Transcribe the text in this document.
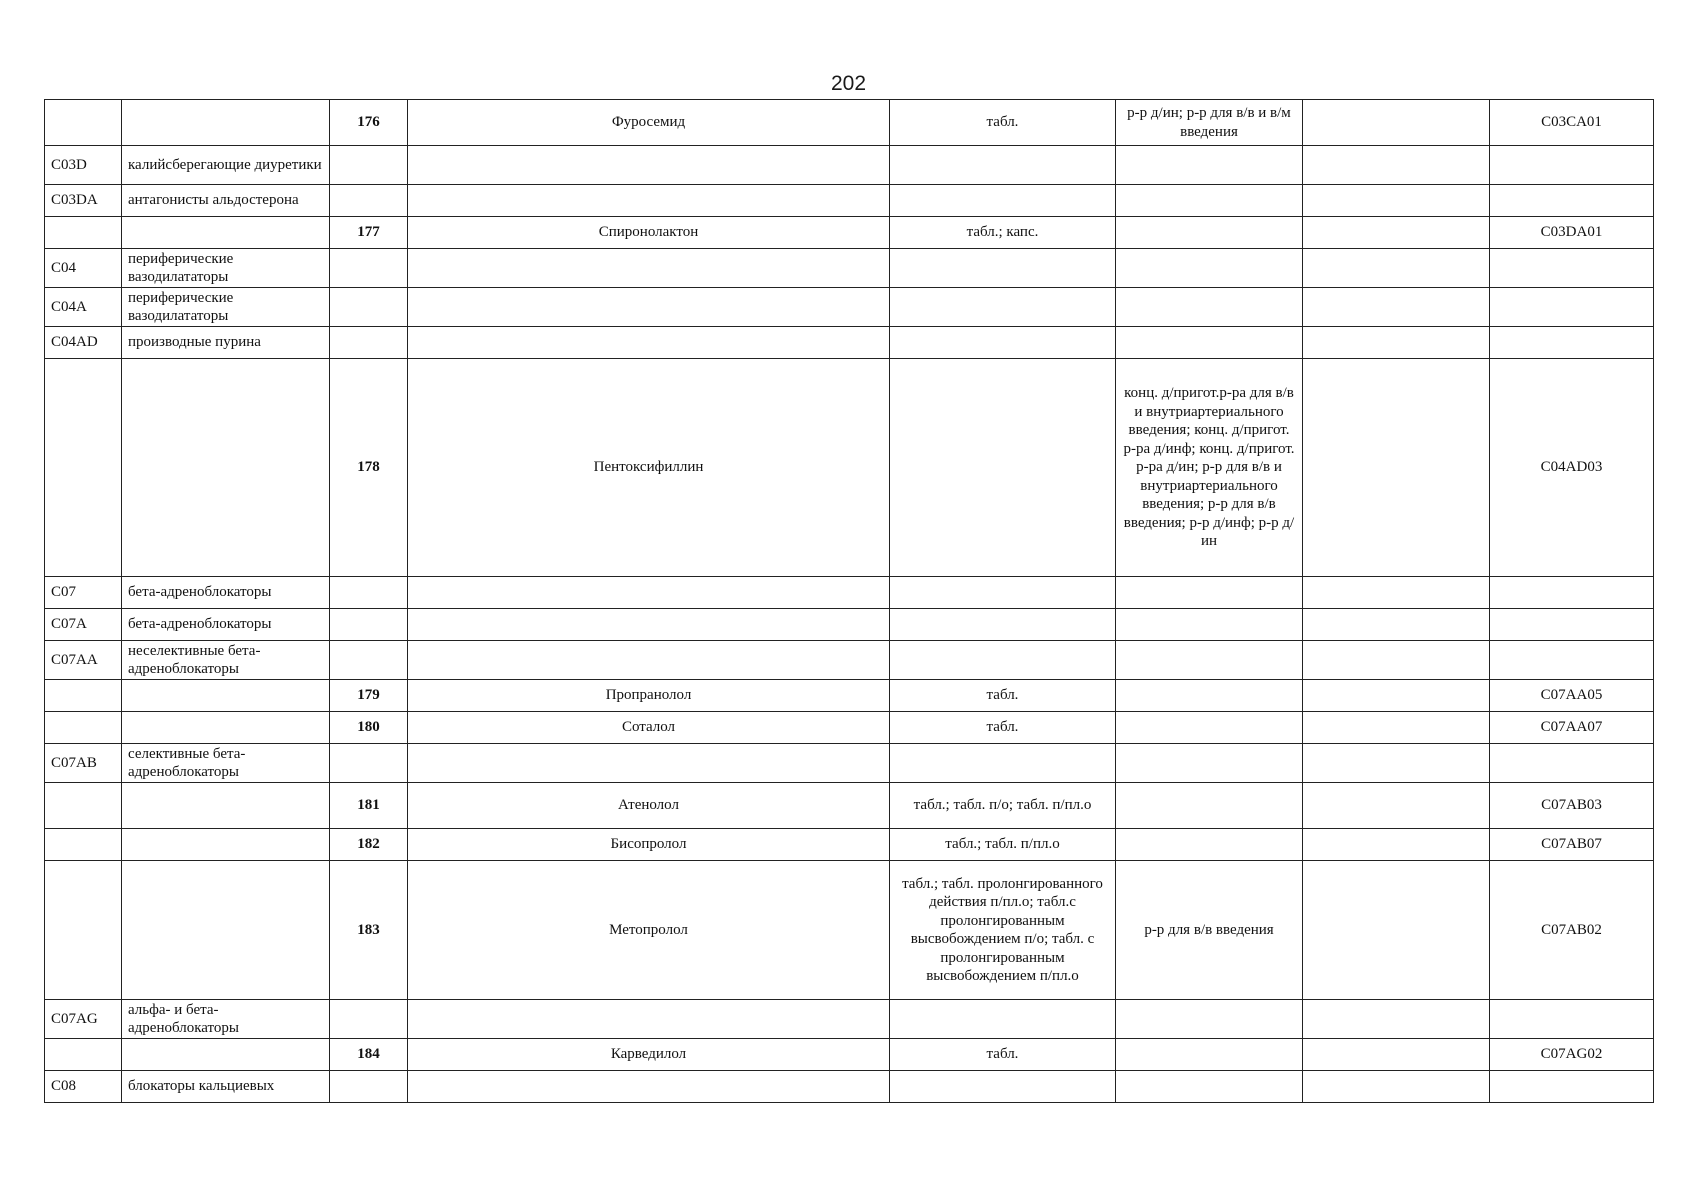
202
		176	Фуросемид	табл.	р-р д/ин; р-р для в/в и в/м введения		C03CA01
C03D	калийсберегающие диуретики						
C03DA	антагонисты альдостерона						
		177	Спиронолактон	табл.; капс.			C03DA01
C04	периферические вазодилататоры						
C04A	периферические вазодилататоры						
C04AD	производные пурина						
		178	Пентоксифиллин		конц. д/пригот.р-ра для в/в и внутриартериального введения; конц. д/пригот. р-ра д/инф; конц. д/пригот. р-ра д/ин; р-р для в/в и внутриартериального введения; р-р для в/в введения; р-р д/инф; р-р д/ин		C04AD03
C07	бета-адреноблокаторы						
C07A	бета-адреноблокаторы						
C07AA	неселективные бета-адреноблокаторы						
		179	Пропранолол	табл.			C07AA05
		180	Соталол	табл.			C07AA07
C07AB	селективные бета-адреноблокаторы						
		181	Атенолол	табл.; табл. п/о; табл. п/пл.о			C07AB03
		182	Бисопролол	табл.; табл. п/пл.о			C07AB07
		183	Метопролол	табл.; табл. пролонгированного действия п/пл.о; табл.с пролонгированным высвобождением п/о; табл. с пролонгированным высвобождением п/пл.о	р-р для в/в введения		C07AB02
C07AG	альфа- и бета-адреноблокаторы						
		184	Карведилол	табл.			C07AG02
C08	блокаторы кальциевых						
